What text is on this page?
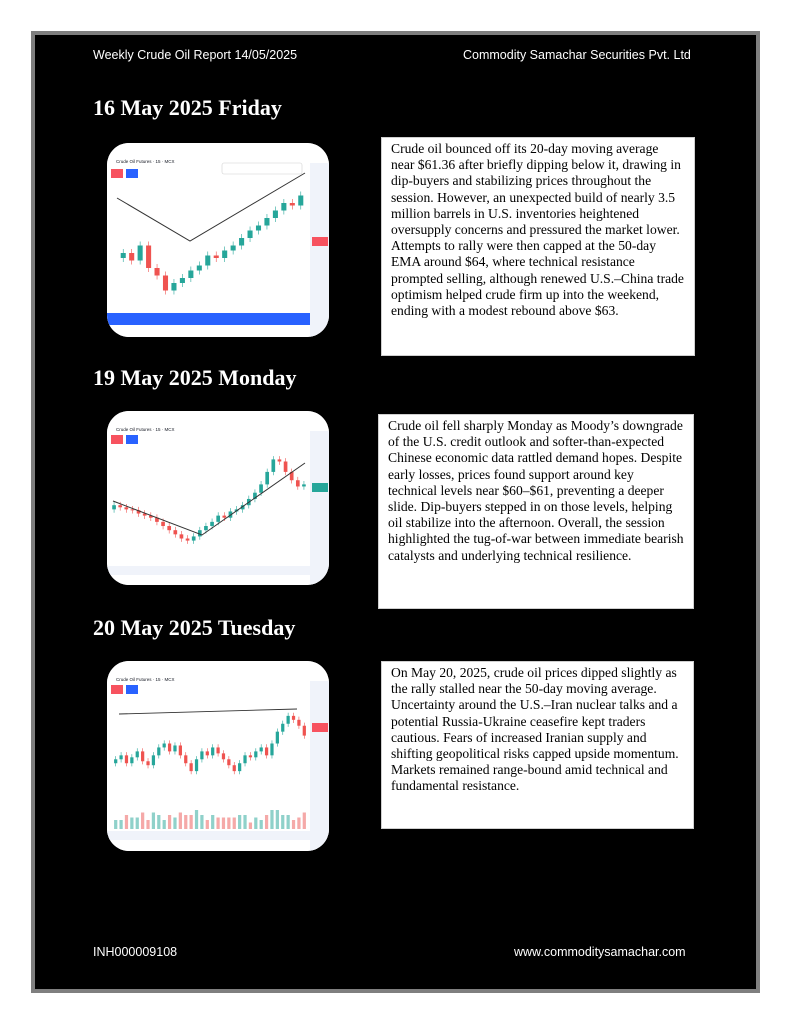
Weekly Crude Oil Report 14/05/2025	Commodity Samachar Securities Pvt. Ltd
16 May 2025 Friday
Crude Oil Futures · 15 · MCX
Crude oil bounced off its 20-day moving average near $61.36 after briefly dipping below it, drawing in dip-buyers and stabilizing prices throughout the session. However, an unexpected build of nearly 3.5 million barrels in U.S. inventories heightened oversupply concerns and pressured the market lower. Attempts to rally were then capped at the 50-day EMA around $64, where technical resistance prompted selling, although renewed U.S.–China trade optimism helped crude firm up into the weekend, ending with a modest rebound above $63.
19 May 2025 Monday
Crude Oil Futures · 15 · MCX	Crude oil fell sharply Monday as Moody’s downgrade of the U.S. credit outlook and softer-than-expected Chinese economic data rattled demand hopes. Despite early losses, prices found support around key technical levels near $60–$61, preventing a deeper slide. Dip-buyers stepped in on those levels, helping oil stabilize into the afternoon. Overall, the session highlighted the tug-of-war between immediate bearish catalysts and underlying technical resilience.
20 May 2025 Tuesday
Crude Oil Futures · 15 · MCX	On May 20, 2025, crude oil prices dipped slightly as the rally stalled near the 50-day moving average. Uncertainty around the U.S.–Iran nuclear talks and a potential Russia-Ukraine ceasefire kept traders cautious. Fears of increased Iranian supply and shifting geopolitical risks capped upside momentum. Markets remained range-bound amid technical and fundamental resistance.
INH000009108	www.commoditysamachar.com
